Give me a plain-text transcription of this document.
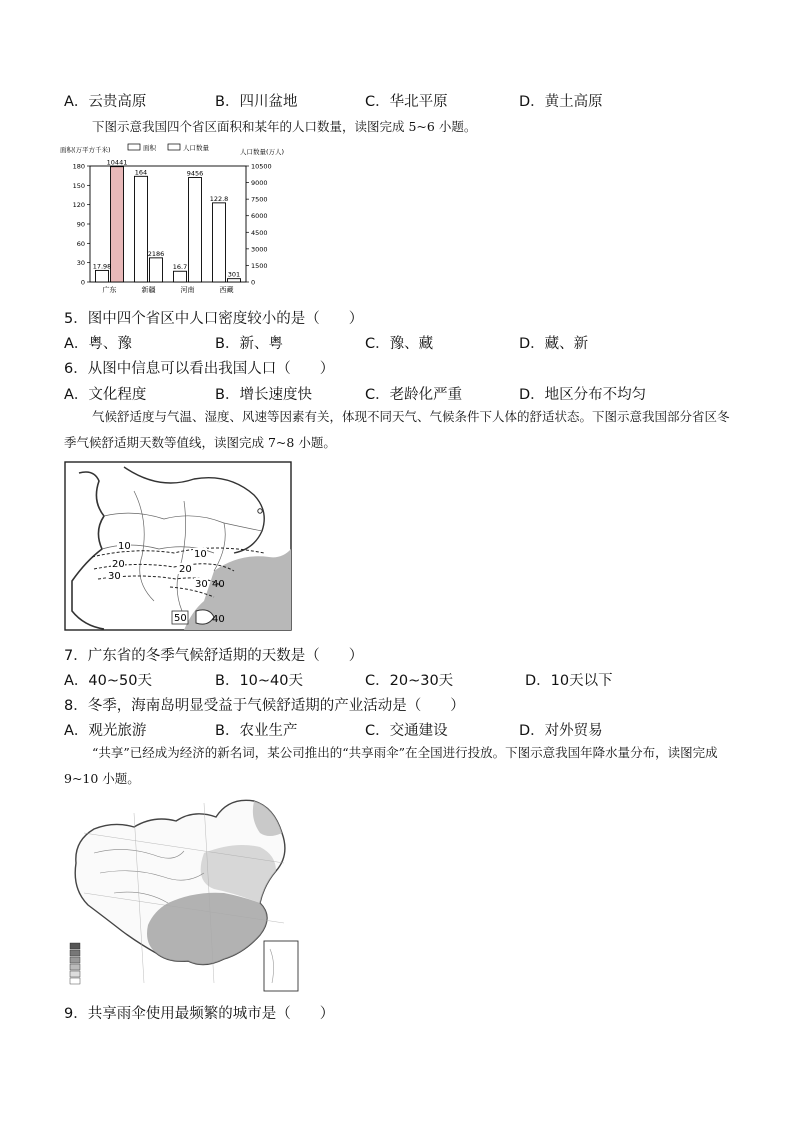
A．云贵高原	B．四川盆地	C．华北平原	D．黄土高原
下图示意我国四个省区面积和某年的人口数量，读图完成 5~6 小题。
面积(万平方千米)	人口数量(万人)
面积	人口数量
0
30
60
90
120
150
180
0
1500
3000
4500
6000
7500
9000
10500
17.98
10441
广东
164
2186
新疆
16.7
9456
河南
122.8
301
西藏
5．图中四个省区中人口密度较小的是（　　）
A．粤、豫	B．新、粤	C．豫、藏	D．藏、新
6．从图中信息可以看出我国人口（　　）
A．文化程度	B．增长速度快	C．老龄化严重	D．地区分布不均匀
气候舒适度与气温、湿度、风速等因素有关，体现不同天气、气候条件下人体的舒适状态。下图示意我国部分省区冬季气候舒适期天数等值线，读图完成 7~8 小题。
10
10
20	20
30
30 40
50	40
7．广东省的冬季气候舒适期的天数是（　　）
A．40~50天	B．10~40天	C．20~30天	D．10天以下
8．冬季，海南岛明显受益于气候舒适期的产业活动是（　　）
A．观光旅游	B．农业生产	C．交通建设	D．对外贸易
“共享”已经成为经济的新名词，某公司推出的“共享雨伞”在全国进行投放。下图示意我国年降水量分布，读图完成 9~10 小题。
9．共享雨伞使用最频繁的城市是（　　）
